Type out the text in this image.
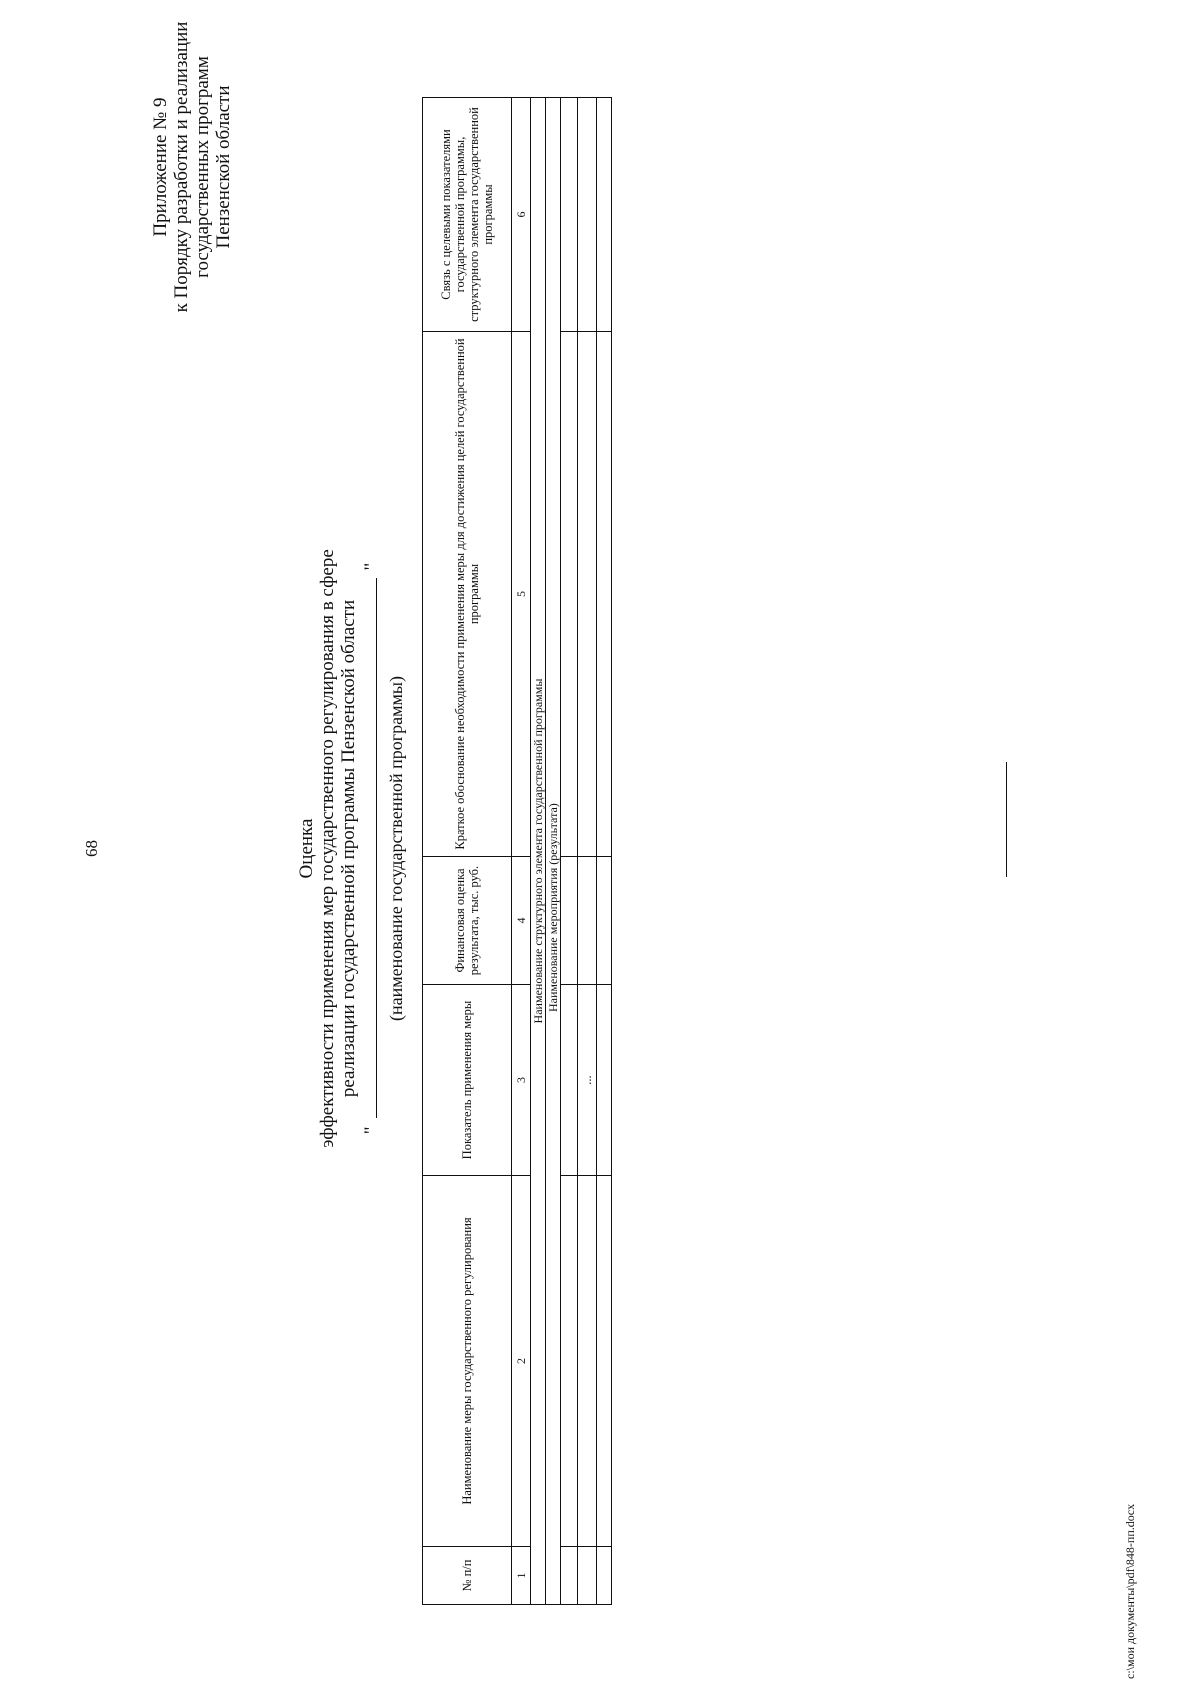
68
Приложение № 9 к Порядку разработки и реализации государственных программ Пензенской области
Оценка эффективности применения мер государственного регулирования в сфере реализации государственной программы Пензенской области
""
(наименование государственной программы)
№ п/п	Наименование меры государственного регулирования	Показатель применения меры	Финансовая оценка результата, тыс. руб.	Краткое обоснование необходимости применения меры для достижения целей государственной программы	Связь с целевыми показателями государственной программы, структурного элемента государственной программы
1	2	3	4	5	6
Наименование структурного элемента государственной программы					
Наименование мероприятия (результата)					

		...			

c:\мои документы\pdf\848-пп.docx
